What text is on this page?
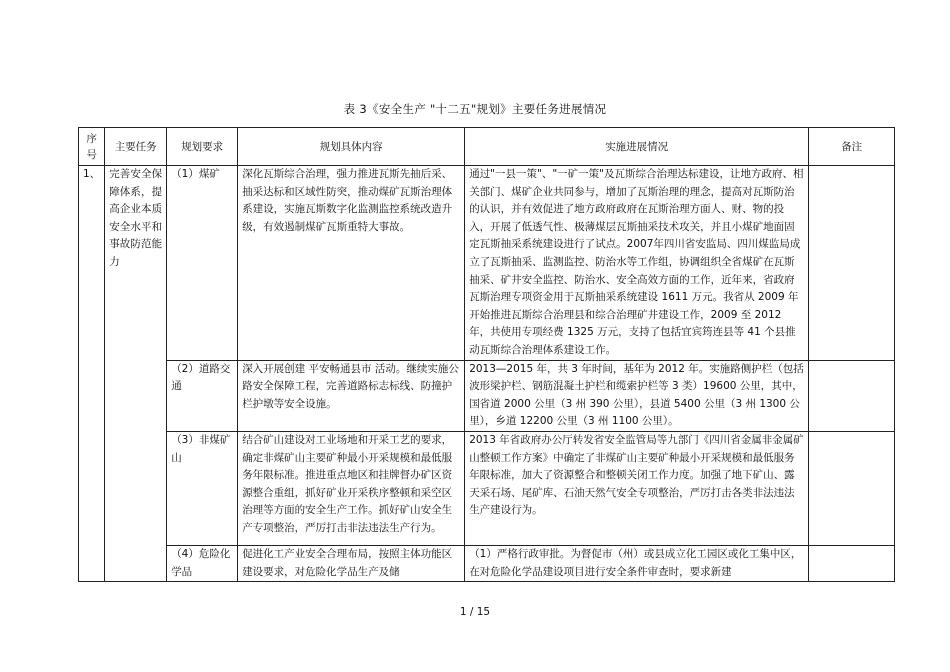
表 3《安全生产 "十二五"规划》主要任务进展情况
序号	主要任务	规划要求	规划具体内容	实施进展情况	备注
1、	完善安全保障体系，提高企业本质安全水平和事故防范能力	（1）煤矿	深化瓦斯综合治理，强力推进瓦斯先抽后采、抽采达标和区域性防突，推动煤矿瓦斯治理体系建设，实施瓦斯数字化监测监控系统改造升级，有效遏制煤矿瓦斯重特大事故。	通过"一县一策"、"一矿一策"及瓦斯综合治理达标建设，让地方政府、相关部门、煤矿企业共同参与，增加了瓦斯治理的理念，提高对瓦斯防治的认识，并有效促进了地方政府政府在瓦斯治理方面人、财、物的投入，开展了低透气性、极薄煤层瓦斯抽采技术攻关，并且小煤矿地面固定瓦斯抽采系统建设进行了试点。2007年四川省安监局、四川煤监局成立了瓦斯抽采、监测监控、防治水等工作组，协调组织全省煤矿在瓦斯抽采、矿井安全监控、防治水、安全高效方面的工作，近年来，省政府瓦斯治理专项资金用于瓦斯抽采系统建设 1611 万元。我省从 2009 年开始推进瓦斯综合治理县和综合治理矿井建设工作，2009 至 2012 年，共使用专项经费 1325 万元，支持了包括宜宾筠连县等 41 个县推动瓦斯综合治理体系建设工作。	
		（2）道路交通	深入开展创建 平安畅通县市 活动。继续实施公路安全保障工程，完善道路标志标线、防撞护栏护墩等安全设施。	2013—2015 年，共 3 年时间，基年为 2012 年。实施路侧护栏（包括波形梁护栏、钢筋混凝土护栏和缆索护栏等 3 类）19600 公里，其中，国省道 2000 公里（3 州 390 公里），县道 5400 公里（3 州 1300 公里），乡道 12200 公里（3 州 1100 公里）。	
		（3）非煤矿山	结合矿山建设对工业场地和开采工艺的要求，确定非煤矿山主要矿种最小开采规模和最低服务年限标准。推进重点地区和挂牌督办矿区资源整合重组，抓好矿业开采秩序整顿和采空区治理等方面的安全生产工作。抓好矿山安全生产专项整治，严厉打击非法违法生产行为。	2013 年省政府办公厅转发省安全监管局等九部门《四川省金属非金属矿山整顿工作方案》中确定了非煤矿山主要矿种最小开采规模和最低服务年限标准，加大了资源整合和整顿关闭工作力度。加强了地下矿山、露天采石场、尾矿库、石油天然气安全专项整治，严厉打击各类非法违法生产建设行为。	
		（4）危险化学品	促进化工产业安全合理布局，按照主体功能区建设要求，对危险化学品生产及储	（1）严格行政审批。为督促市（州）或县成立化工园区或化工集中区，在对危险化学品建设项目进行安全条件审查时，要求新建	
1 / 15
